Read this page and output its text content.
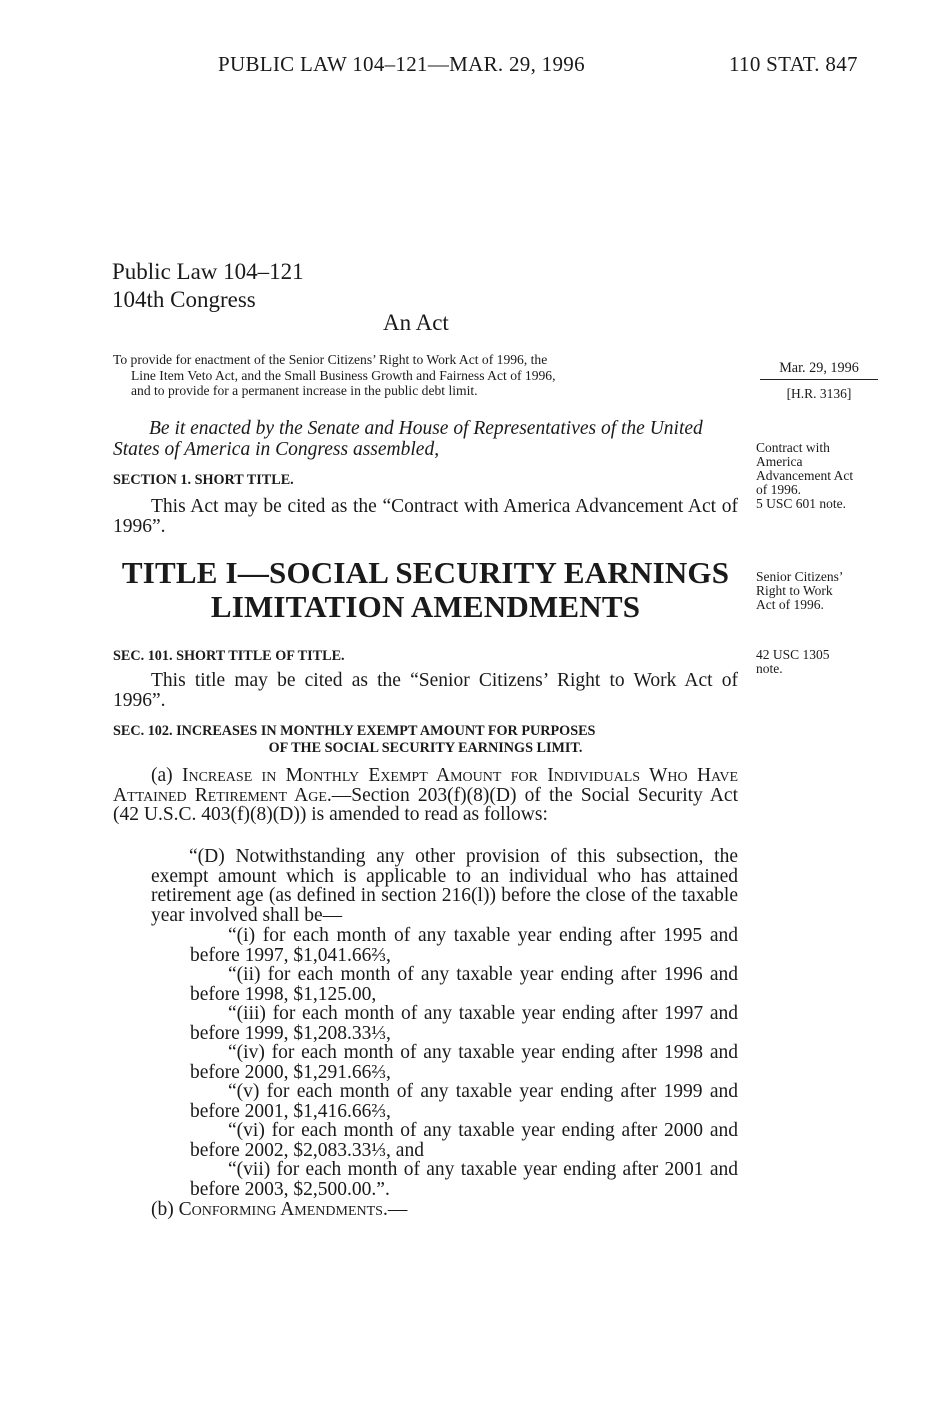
PUBLIC LAW 104–121—MAR. 29, 1996	110 STAT. 847
Public Law 104–121
104th Congress
An Act
To provide for enactment of the Senior Citizens’ Right to Work Act of 1996, the
Line Item Veto Act, and the Small Business Growth and Fairness Act of 1996,
and to provide for a permanent increase in the public debt limit.
Mar. 29, 1996
[H.R. 3136]
Be it enacted by the Senate and House of Representatives of the United States of America in Congress assembled,
SECTION 1. SHORT TITLE.
This Act may be cited as the “Contract with America Advancement Act of 1996”.
Contract with
America
Advancement Act
of 1996.
5 USC 601 note.
TITLE I—SOCIAL SECURITY EARNINGS
LIMITATION AMENDMENTS
Senior Citizens’
Right to Work
Act of 1996.
SEC. 101. SHORT TITLE OF TITLE.
This title may be cited as the “Senior Citizens’ Right to Work Act of 1996”.
42 USC 1305
note.
SEC. 102. INCREASES IN MONTHLY EXEMPT AMOUNT FOR PURPOSES
OF THE SOCIAL SECURITY EARNINGS LIMIT.
(a) Increase in Monthly Exempt Amount for Individuals Who Have Attained Retirement Age.—Section 203(f)(8)(D) of the Social Security Act (42 U.S.C. 403(f)(8)(D)) is amended to read as follows:
“(D) Notwithstanding any other provision of this subsection, the exempt amount which is applicable to an individual who has attained retirement age (as defined in section 216(l)) before the close of the taxable year involved shall be—
“(i) for each month of any taxable year ending after 1995 and before 1997, $1,041.66⅔,
“(ii) for each month of any taxable year ending after 1996 and before 1998, $1,125.00,
“(iii) for each month of any taxable year ending after 1997 and before 1999, $1,208.33⅓,
“(iv) for each month of any taxable year ending after 1998 and before 2000, $1,291.66⅔,
“(v) for each month of any taxable year ending after 1999 and before 2001, $1,416.66⅔,
“(vi) for each month of any taxable year ending after 2000 and before 2002, $2,083.33⅓, and
“(vii) for each month of any taxable year ending after 2001 and before 2003, $2,500.00.”.
(b) Conforming Amendments.—
